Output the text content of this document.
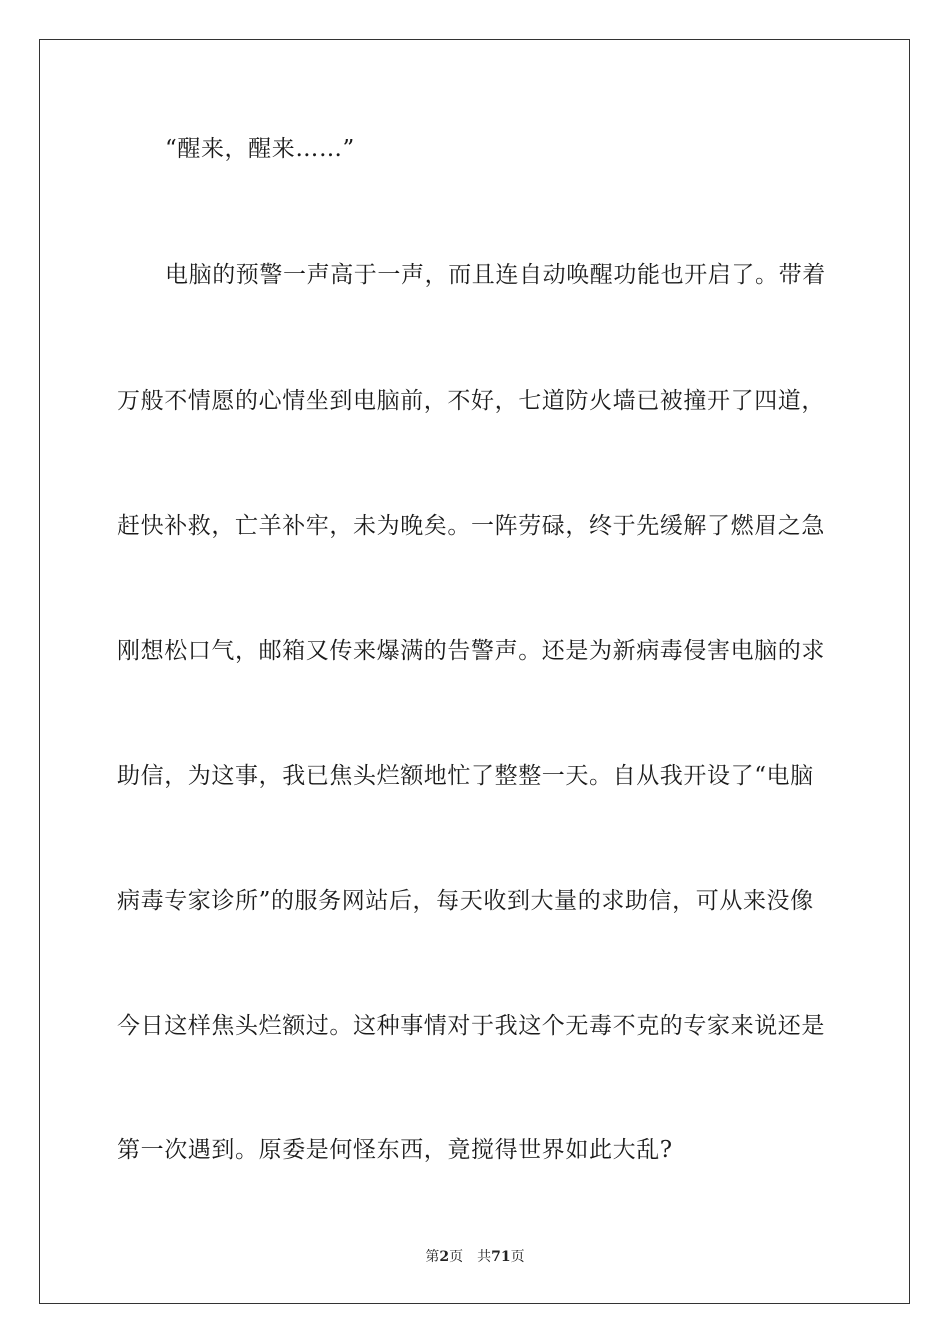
“醒来，醒来……”
电脑的预警一声高于一声，而且连自动唤醒功能也开启了。带着
万般不情愿的心情坐到电脑前，不好，七道防火墙已被撞开了四道，
赶快补救，亡羊补牢，未为晚矣。一阵劳碌，终于先缓解了燃眉之急
刚想松口气，邮箱又传来爆满的告警声。还是为新病毒侵害电脑的求
助信，为这事，我已焦头烂额地忙了整整一天。自从我开设了“电脑
病毒专家诊所”的服务网站后，每天收到大量的求助信，可从来没像
今日这样焦头烂额过。这种事情对于我这个无毒不克的专家来说还是
第一次遇到。原委是何怪东西，竟搅得世界如此大乱?
第2页 共71页
